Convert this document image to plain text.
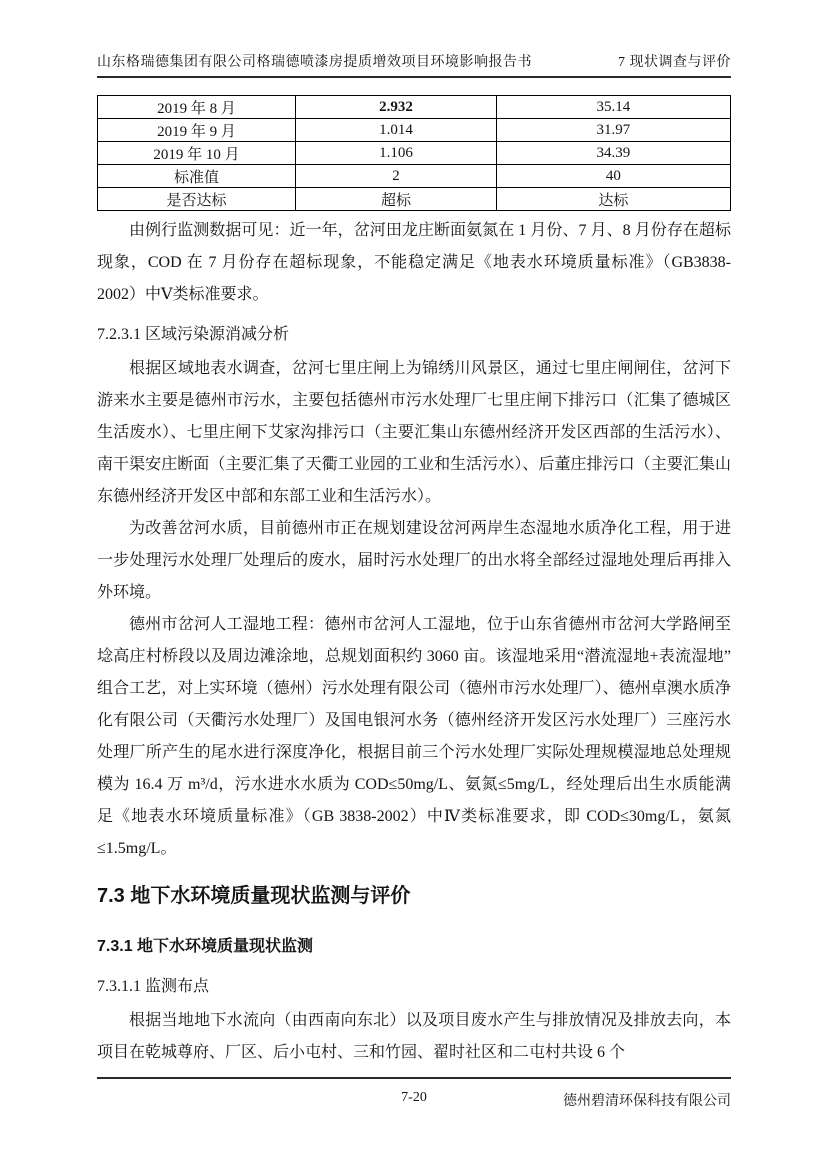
山东格瑞德集团有限公司格瑞德喷漆房提质增效项目环境影响报告书	7 现状调查与评价
2019 年 8 月	2.932	35.14
2019 年 9 月	1.014	31.97
2019 年 10 月	1.106	34.39
标准值	2	40
是否达标	超标	达标

由例行监测数据可见：近一年，岔河田龙庄断面氨氮在 1 月份、7 月、8 月份存在超标现象，COD 在 7 月份存在超标现象，不能稳定满足《地表水环境质量标准》（GB3838-2002）中Ⅴ类标准要求。

7.2.3.1 区域污染源消减分析

根据区域地表水调查，岔河七里庄闸上为锦绣川风景区，通过七里庄闸闸住，岔河下游来水主要是德州市污水，主要包括德州市污水处理厂七里庄闸下排污口（汇集了德城区生活废水）、七里庄闸下艾家沟排污口（主要汇集山东德州经济开发区西部的生活污水）、南干渠安庄断面（主要汇集了天衢工业园的工业和生活污水）、后董庄排污口（主要汇集山东德州经济开发区中部和东部工业和生活污水）。

为改善岔河水质，目前德州市正在规划建设岔河两岸生态湿地水质净化工程，用于进一步处理污水处理厂处理后的废水，届时污水处理厂的出水将全部经过湿地处理后再排入外环境。

德州市岔河人工湿地工程：德州市岔河人工湿地，位于山东省德州市岔河大学路闸至埝高庄村桥段以及周边滩涂地，总规划面积约 3060 亩。该湿地采用“潜流湿地+表流湿地”组合工艺，对上实环境（德州）污水处理有限公司（德州市污水处理厂）、德州卓澳水质净化有限公司（天衢污水处理厂）及国电银河水务（德州经济开发区污水处理厂）三座污水处理厂所产生的尾水进行深度净化，根据目前三个污水处理厂实际处理规模湿地总处理规模为 16.4 万 m³/d，污水进水水质为 COD≤50mg/L、氨氮≤5mg/L，经处理后出生水质能满足《地表水环境质量标准》（GB 3838-2002）中Ⅳ类标准要求，即 COD≤30mg/L，氨氮≤1.5mg/L。

7.3 地下水环境质量现状监测与评价
7.3.1 地下水环境质量现状监测
7.3.1.1 监测布点

根据当地地下水流向（由西南向东北）以及项目废水产生与排放情况及排放去向，本项目在乾城尊府、厂区、后小屯村、三和竹园、翟时社区和二屯村共设 6 个

7-20	德州碧清环保科技有限公司
